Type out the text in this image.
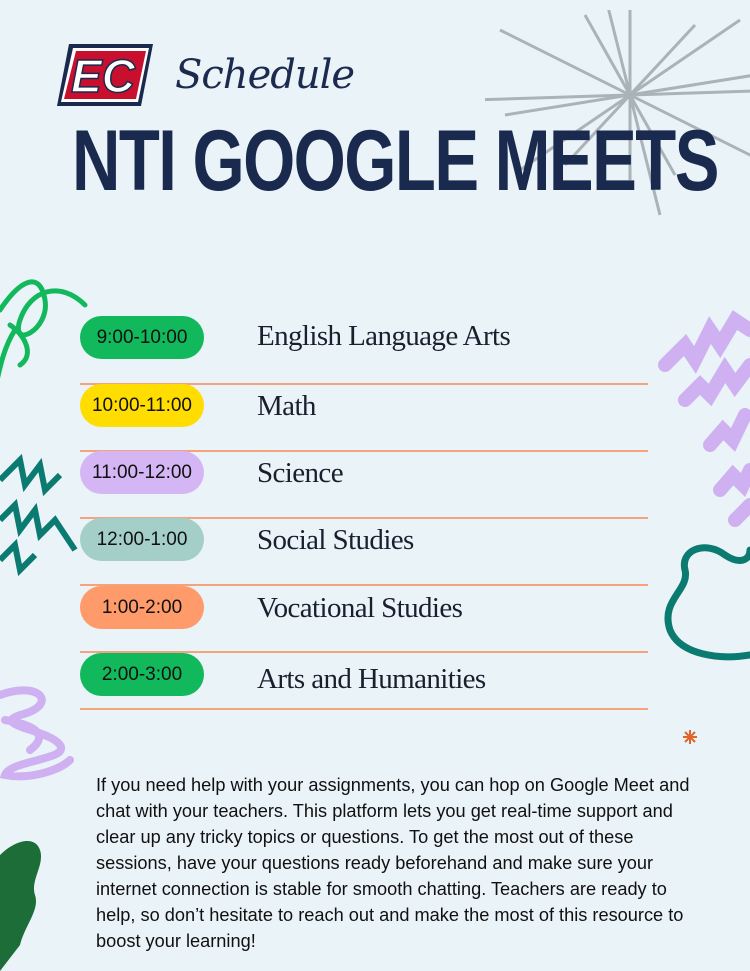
EC Schedule
NTI GOOGLE MEETS
9:00-10:00	English Language Arts
10:00-11:00	Math
11:00-12:00	Science
12:00-1:00	Social Studies
1:00-2:00	Vocational Studies
2:00-3:00	Arts and Humanities
If you need help with your assignments, you can hop on Google Meet and chat with your teachers. This platform lets you get real-time support and clear up any tricky topics or questions. To get the most out of these sessions, have your questions ready beforehand and make sure your internet connection is stable for smooth chatting. Teachers are ready to help, so don’t hesitate to reach out and make the most of this resource to boost your learning!
